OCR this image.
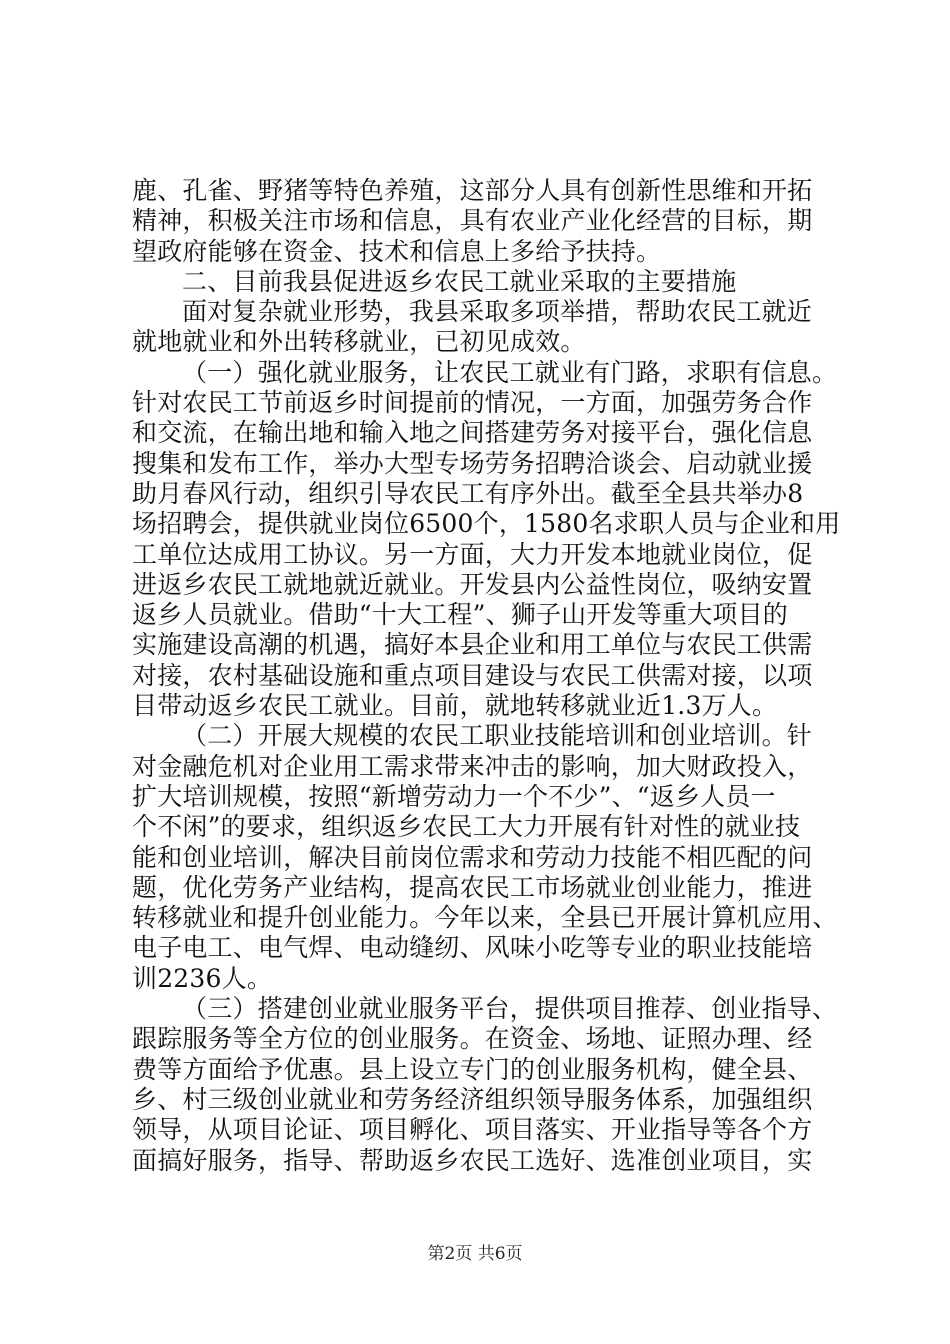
鹿、孔雀、野猪等特色养殖，这部分人具有创新性思维和开拓
精神，积极关注市场和信息，具有农业产业化经营的目标，期
望政府能够在资金、技术和信息上多给予扶持。
二、目前我县促进返乡农民工就业采取的主要措施
面对复杂就业形势，我县采取多项举措，帮助农民工就近
就地就业和外出转移就业，已初见成效。
（一）强化就业服务，让农民工就业有门路，求职有信息。
针对农民工节前返乡时间提前的情况，一方面，加强劳务合作
和交流，在输出地和输入地之间搭建劳务对接平台，强化信息
搜集和发布工作，举办大型专场劳务招聘洽谈会、启动就业援
助月春风行动，组织引导农民工有序外出。截至全县共举办8
场招聘会，提供就业岗位6500个，1580名求职人员与企业和用
工单位达成用工协议。另一方面，大力开发本地就业岗位，促
进返乡农民工就地就近就业。开发县内公益性岗位，吸纳安置
返乡人员就业。借助“十大工程”、狮子山开发等重大项目的
实施建设高潮的机遇，搞好本县企业和用工单位与农民工供需
对接，农村基础设施和重点项目建设与农民工供需对接，以项
目带动返乡农民工就业。目前，就地转移就业近1.3万人。
（二）开展大规模的农民工职业技能培训和创业培训。针
对金融危机对企业用工需求带来冲击的影响，加大财政投入，
扩大培训规模，按照“新增劳动力一个不少”、“返乡人员一
个不闲”的要求，组织返乡农民工大力开展有针对性的就业技
能和创业培训，解决目前岗位需求和劳动力技能不相匹配的问
题，优化劳务产业结构，提高农民工市场就业创业能力，推进
转移就业和提升创业能力。今年以来，全县已开展计算机应用、
电子电工、电气焊、电动缝纫、风味小吃等专业的职业技能培
训2236人。
（三）搭建创业就业服务平台，提供项目推荐、创业指导、
跟踪服务等全方位的创业服务。在资金、场地、证照办理、经
费等方面给予优惠。县上设立专门的创业服务机构，健全县、
乡、村三级创业就业和劳务经济组织领导服务体系，加强组织
领导，从项目论证、项目孵化、项目落实、开业指导等各个方
面搞好服务，指导、帮助返乡农民工选好、选准创业项目，实
第2页 共6页
